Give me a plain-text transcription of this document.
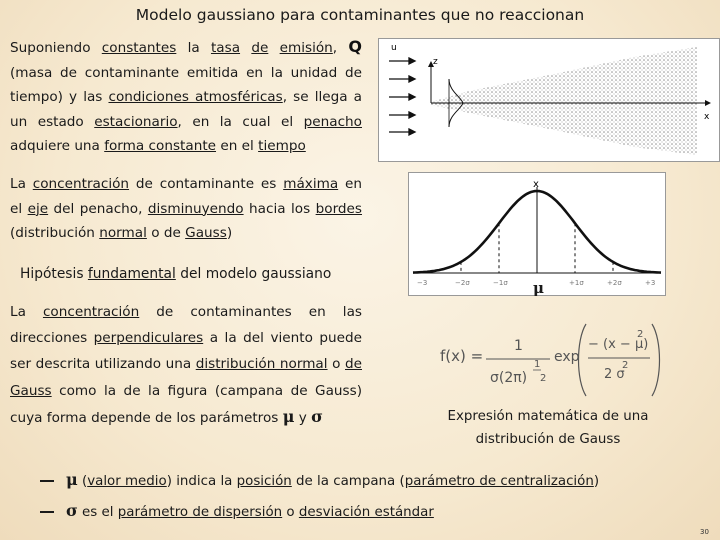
Modelo gaussiano para contaminantes que no reaccionan
Suponiendo constantes la tasa de emisión, Q (masa de contaminante emitida en la unidad de tiempo) y las condiciones atmosféricas, se llega a un estado estacionario, en la cual el penacho adquiere una forma constante en el tiempo
La concentración de contaminante es máxima en el eje del penacho, disminuyendo hacia los bordes (distribución normal o de Gauss)
Hipótesis fundamental del modelo gaussiano
La concentración de contaminantes en las direcciones perpendiculares a la del viento puede ser descrita utilizando una distribución normal o de Gauss como la de la figura (campana de Gauss) cuya forma depende de los parámetros μ y σ
u
z
x
x
−3	−2σ	−1σ	+1σ	+2σ	+3
μ
f(x) =
1
σ(2π)
1
2
exp
− (x − μ)
2
2 σ
2
Expresión matemática de una
distribución de Gauss
μ (valor medio) indica la posición de la campana (parámetro de centralización)
σ es el parámetro de dispersión o desviación estándar
30
